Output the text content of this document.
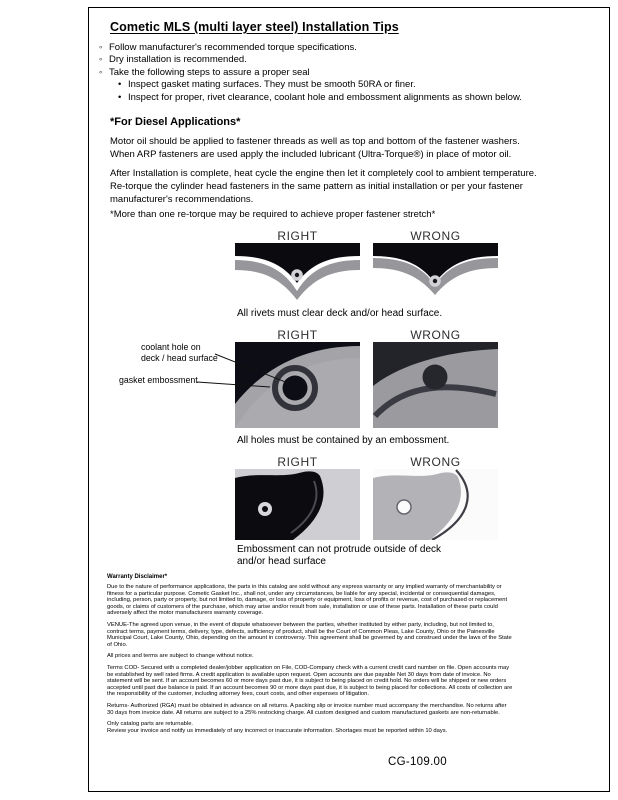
Cometic MLS (multi layer steel) Installation Tips
◦
Follow manufacturer's recommended torque specifications.
◦
Dry installation is recommended.
◦
Take the following steps to assure a proper seal
•
Inspect gasket mating surfaces. They must be smooth 50RA or finer.
•
Inspect for proper, rivet clearance, coolant hole and embossment alignments as shown below.
*For Diesel Applications*

Motor oil should be applied to fastener threads as well as top and bottom of the fastener washers. When ARP fasteners are used apply the included lubricant (Ultra-Torque®) in place of motor oil.

After Installation is complete, heat cycle the engine then let it completely cool to ambient temperature. Re-torque the cylinder head fasteners in the same pattern as initial installation or per your fastener manufacturer's recommendations.

*More than one re-torque may be required to achieve proper fastener stretch*

RIGHT	WRONG
All rivets must clear deck and/or head surface.
RIGHT	WRONG
coolant hole on
deck / head surface
gasket embossment
All holes must be contained by an embossment.
RIGHT	WRONG
Embossment can not protrude outside of deck and/or head surface
Warranty Disclaimer*

Due to the nature of performance applications, the parts in this catalog are sold without any express warranty or any implied warranty of merchantability or fitness for a particular purpose. Cometic Gasket Inc., shall not, under any circumstances, be liable for any special, incidental or consequential damages, including, person, party or property, but not limited to, damage, or loss of property or equipment, loss of profits or revenue, cost of purchased or replacement goods, or claims of customers of the purchase, which may arise and/or result from sale, installation or use of these parts. Installation of these parts could adversely affect the motor manufacturers warranty coverage.

VENUE-The agreed upon venue, in the event of dispute whatsoever between the parties, whether instituted by either party, including, but not limited to, contract terms, payment terms, delivery, type, defects, sufficiency of product, shall be the Court of Common Pleas, Lake County, Ohio or the Painesville Municipal Court, Lake County, Ohio, depending on the amount in controversy. This agreement shall be governed by and construed under the laws of the State of Ohio.

All prices and terms are subject to change without notice.

Terms COD- Secured with a completed dealer/jobber application on File, COD-Company check with a current credit card number on file. Open accounts may be established by well rated firms. A credit application is available upon request. Open accounts are due payable Net 30 days from date of invoice. No statement will be sent. If an account becomes 60 or more days past due, it is subject to being placed on credit hold. No orders will be shipped or new orders accepted until past due balance is paid. If an account becomes 90 or more days past due, it is subject to being placed for collections. All costs of collection are the responsibility of the customer, including attorney fees, court costs, and other expenses of litigation.

Returns- Authorized (RGA) must be obtained in advance on all returns. A packing slip or invoice number must accompany the merchandise. No returns after 30 days from invoice date. All returns are subject to a 25% restocking charge. All custom designed and custom manufactured gaskets are non-returnable.

Only catalog parts are returnable.

Review your invoice and notify us immediately of any incorrect or inaccurate information. Shortages must be reported within 10 days.

CG-109.00
